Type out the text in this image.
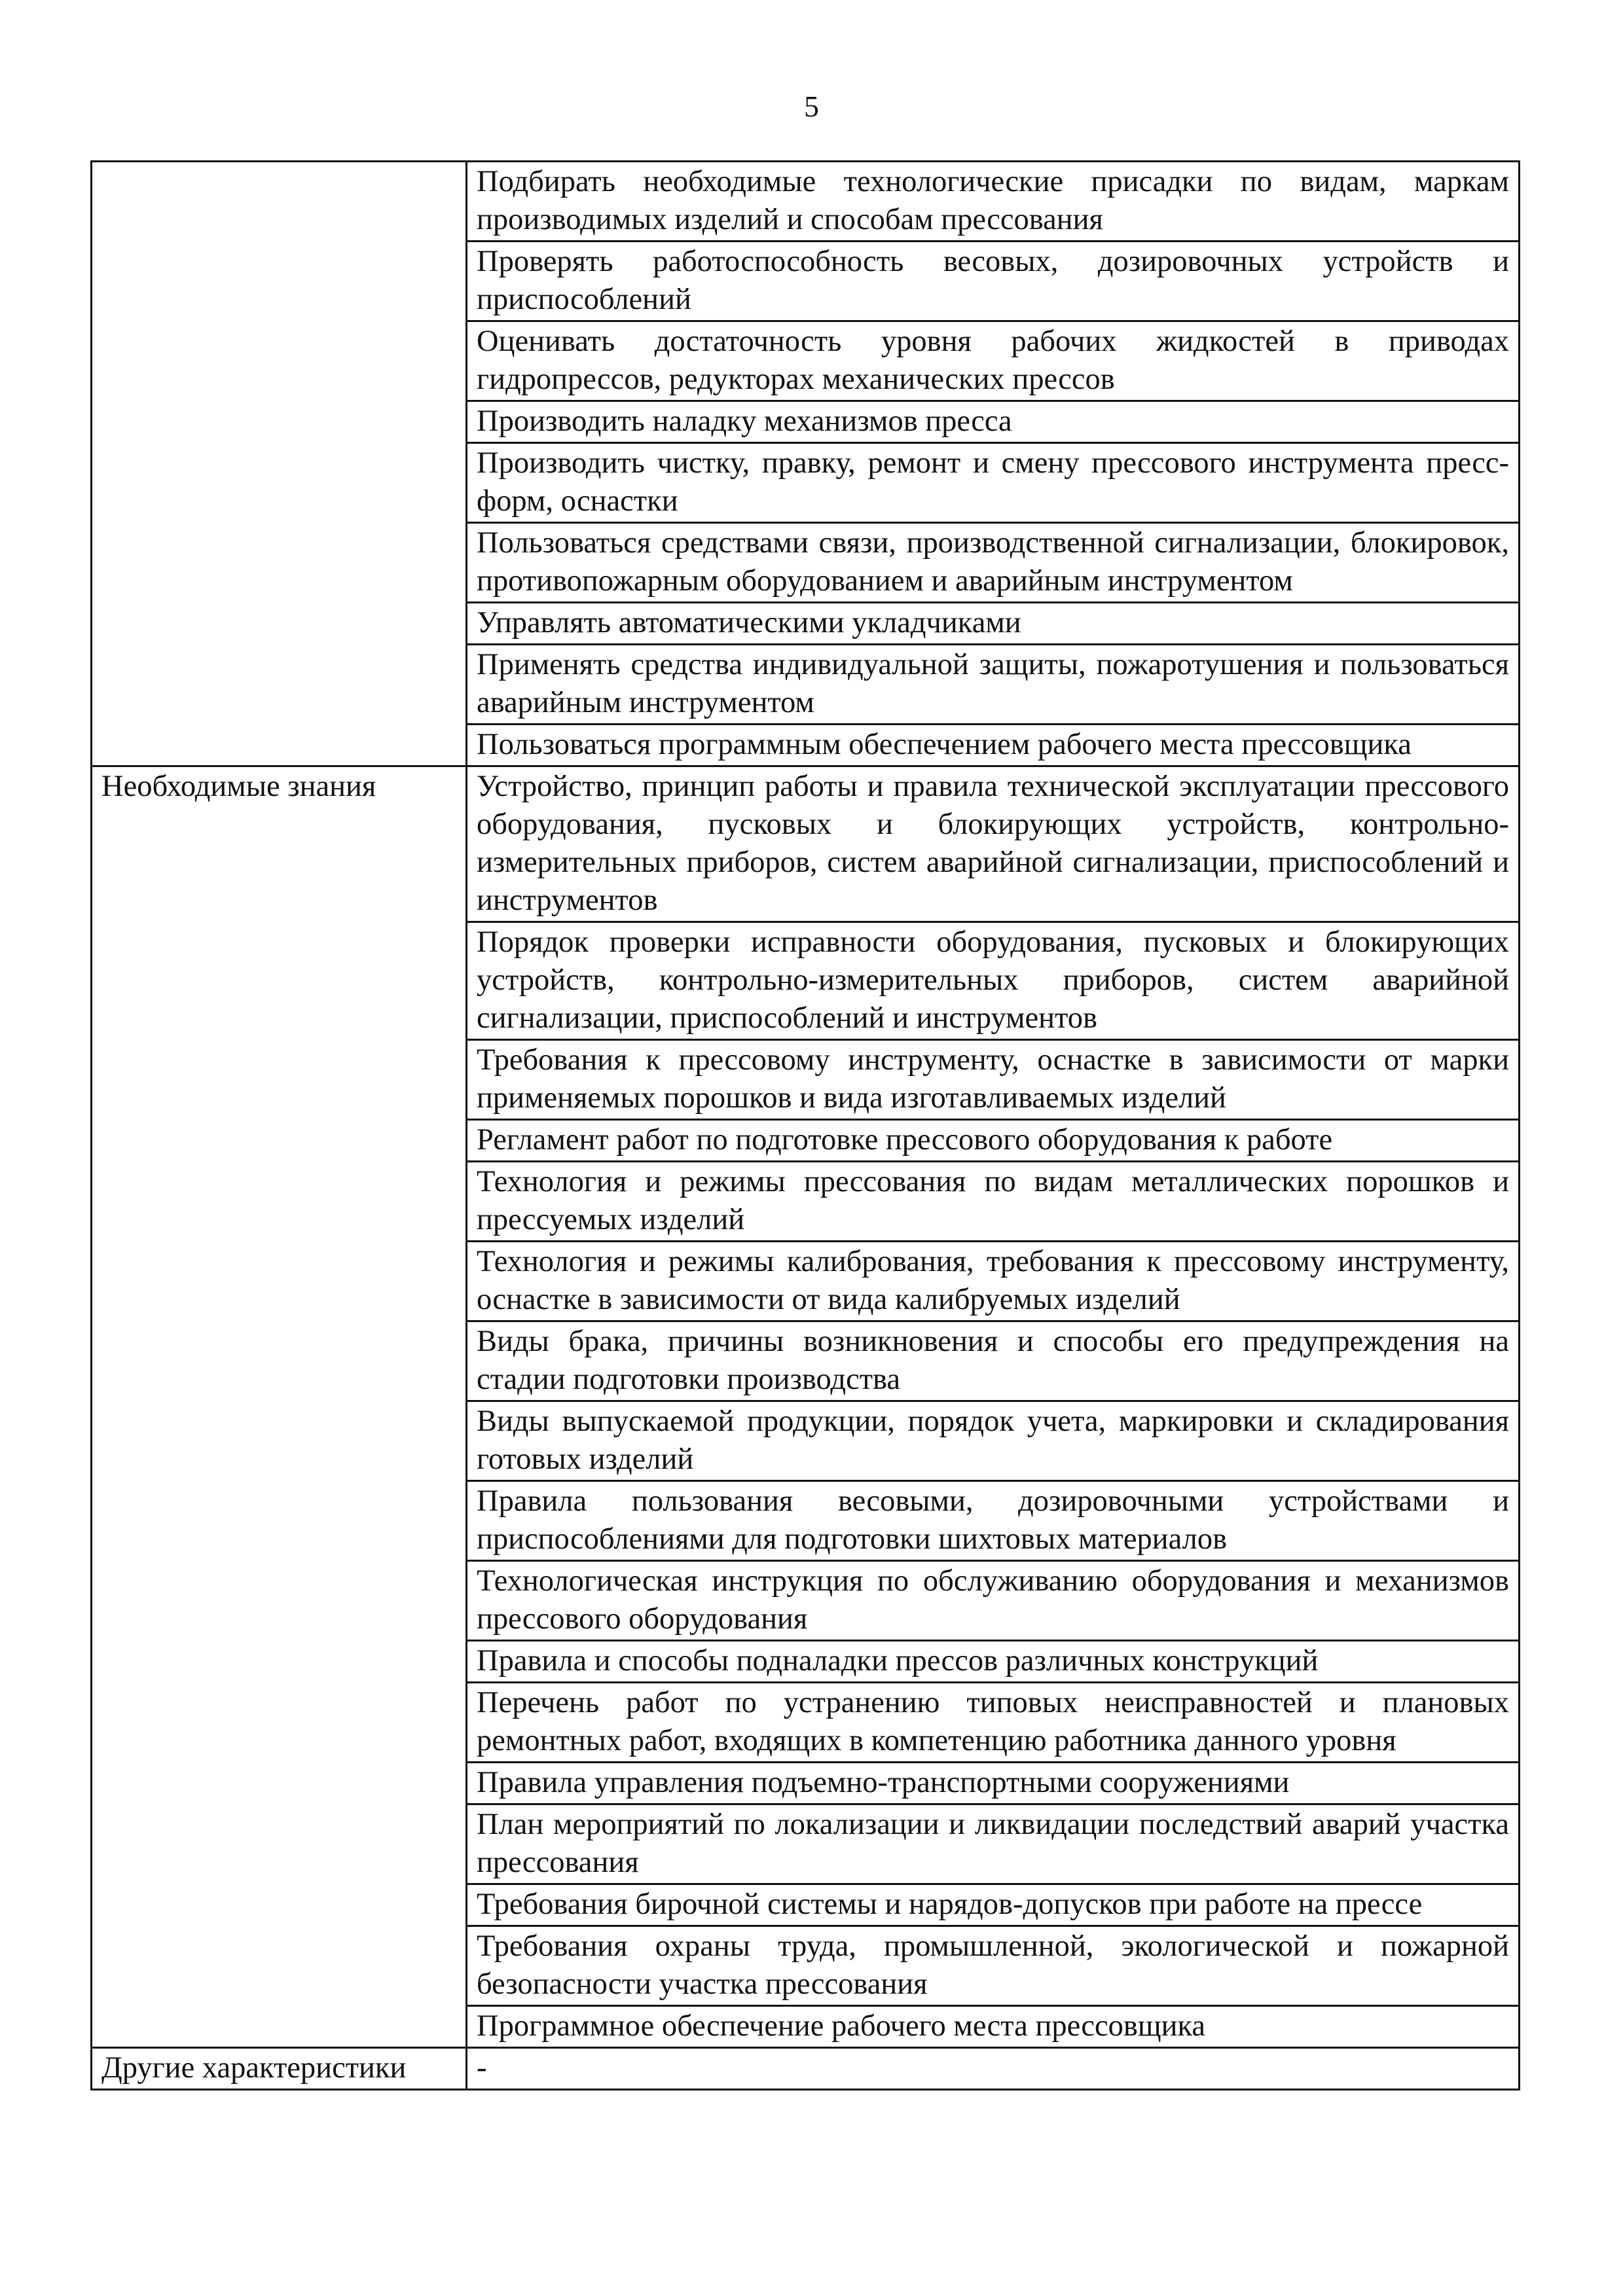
5
	Подбирать необходимые технологические присадки по видам, маркам производимых изделий и способам прессования
	Проверять работоспособность весовых, дозировочных устройств и приспособлений
	Оценивать достаточность уровня рабочих жидкостей в приводах гидропрессов, редукторах механических прессов
	Производить наладку механизмов пресса
	Производить чистку, правку, ремонт и смену прессового инструмента пресс-форм, оснастки
	Пользоваться средствами связи, производственной сигнализации, блокировок, противопожарным оборудованием и аварийным инструментом
	Управлять автоматическими укладчиками
	Применять средства индивидуальной защиты, пожаротушения и пользоваться аварийным инструментом
	Пользоваться программным обеспечением рабочего места прессовщика
Необходимые знания	Устройство, принцип работы и правила технической эксплуатации прессового оборудования, пусковых и блокирующих устройств, контрольно-измерительных приборов, систем аварийной сигнализации, приспособлений и инструментов
	Порядок проверки исправности оборудования, пусковых и блокирующих устройств, контрольно-измерительных приборов, систем аварийной сигнализации, приспособлений и инструментов
	Требования к прессовому инструменту, оснастке в зависимости от марки применяемых порошков и вида изготавливаемых изделий
	Регламент работ по подготовке прессового оборудования к работе
	Технология и режимы прессования по видам металлических порошков и прессуемых изделий
	Технология и режимы калибрования, требования к прессовому инструменту, оснастке в зависимости от вида калибруемых изделий
	Виды брака, причины возникновения и способы его предупреждения на стадии подготовки производства
	Виды выпускаемой продукции, порядок учета, маркировки и складирования готовых изделий
	Правила пользования весовыми, дозировочными устройствами и приспособлениями для подготовки шихтовых материалов
	Технологическая инструкция по обслуживанию оборудования и механизмов прессового оборудования
	Правила и способы подналадки прессов различных конструкций
	Перечень работ по устранению типовых неисправностей и плановых ремонтных работ, входящих в компетенцию работника данного уровня
	Правила управления подъемно-транспортными сооружениями
	План мероприятий по локализации и ликвидации последствий аварий участка прессования
	Требования бирочной системы и нарядов-допусков при работе на прессе
	Требования охраны труда, промышленной, экологической и пожарной безопасности участка прессования
	Программное обеспечение рабочего места прессовщика
Другие характеристики	-
